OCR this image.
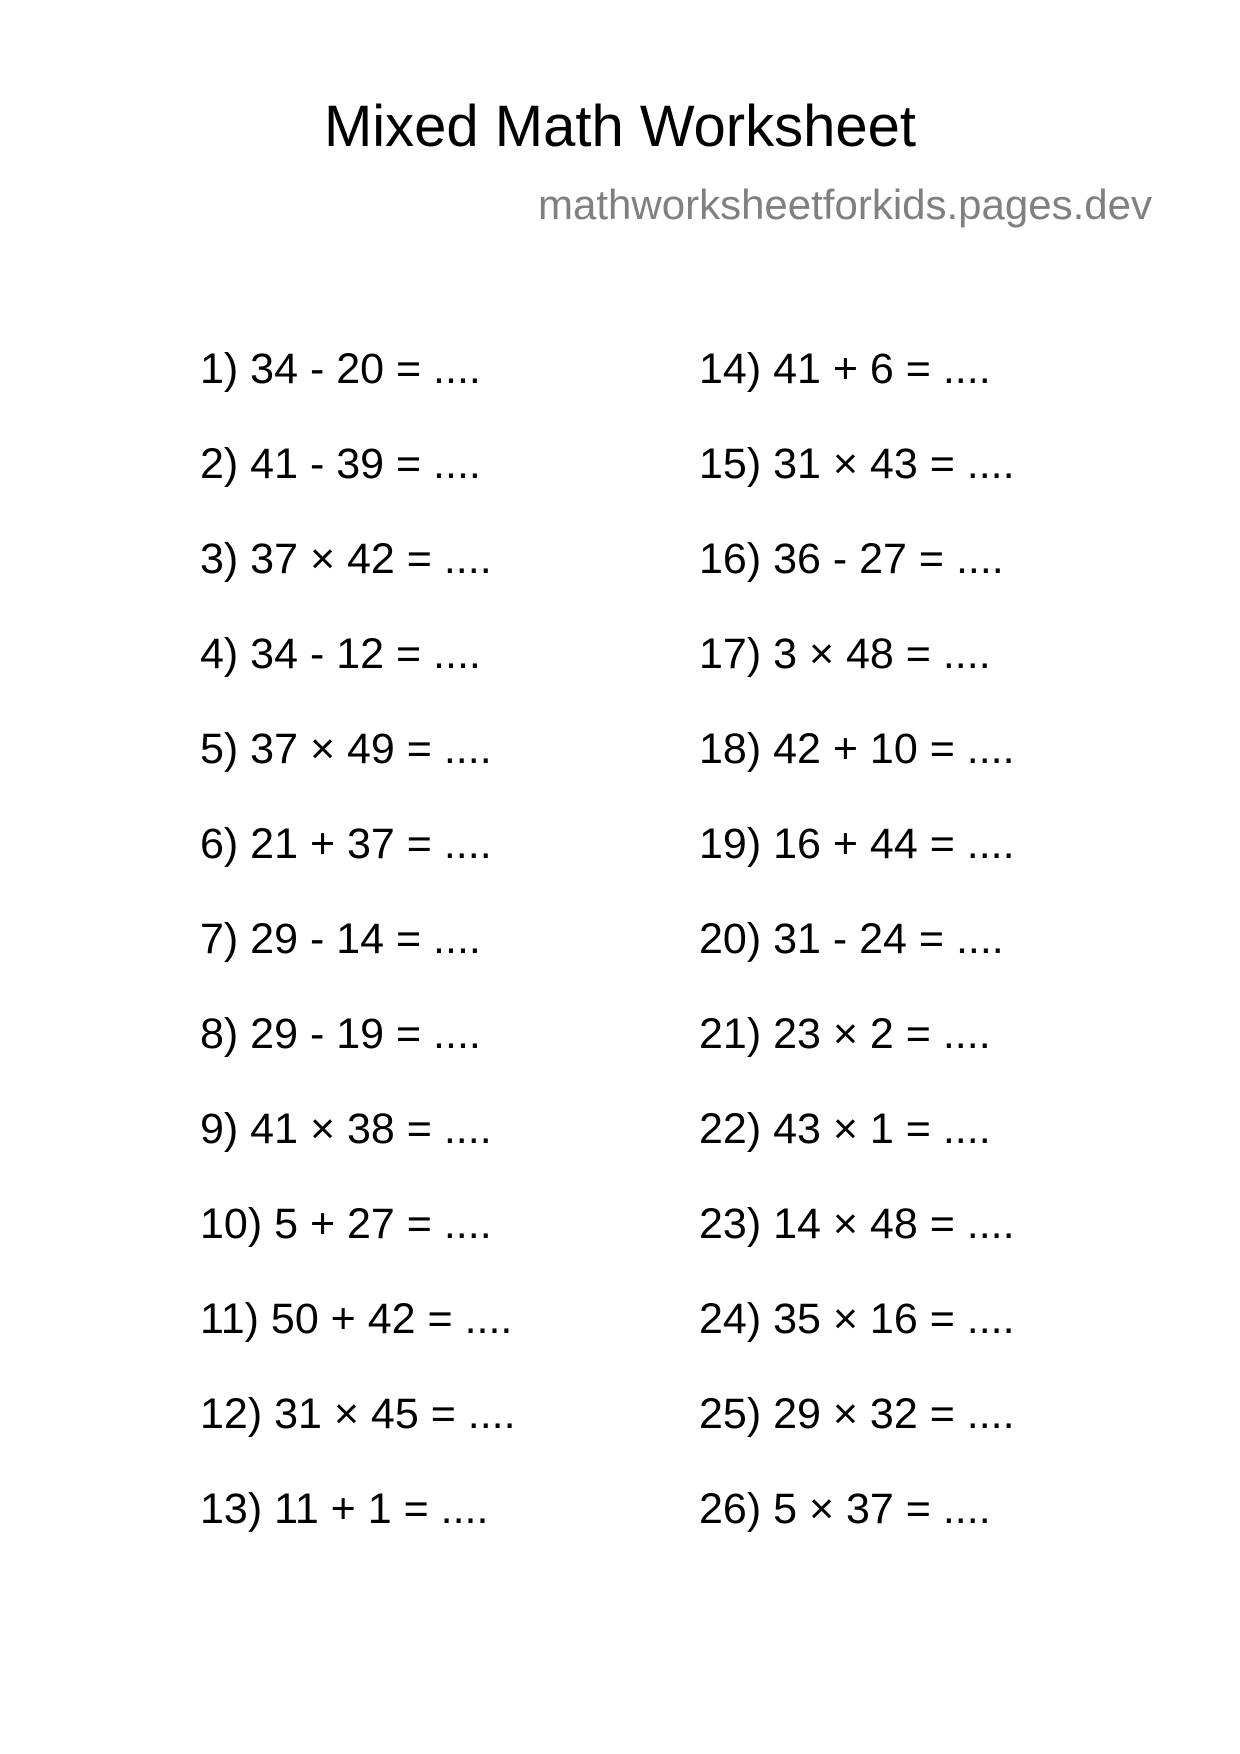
Mixed Math Worksheet
mathworksheetforkids.pages.dev
1) 34 - 20 = ....
2) 41 - 39 = ....
3) 37 × 42 = ....
4) 34 - 12 = ....
5) 37 × 49 = ....
6) 21 + 37 = ....
7) 29 - 14 = ....
8) 29 - 19 = ....
9) 41 × 38 = ....
10) 5 + 27 = ....
11) 50 + 42 = ....
12) 31 × 45 = ....
13) 11 + 1 = ....
14) 41 + 6 = ....
15) 31 × 43 = ....
16) 36 - 27 = ....
17) 3 × 48 = ....
18) 42 + 10 = ....
19) 16 + 44 = ....
20) 31 - 24 = ....
21) 23 × 2 = ....
22) 43 × 1 = ....
23) 14 × 48 = ....
24) 35 × 16 = ....
25) 29 × 32 = ....
26) 5 × 37 = ....
